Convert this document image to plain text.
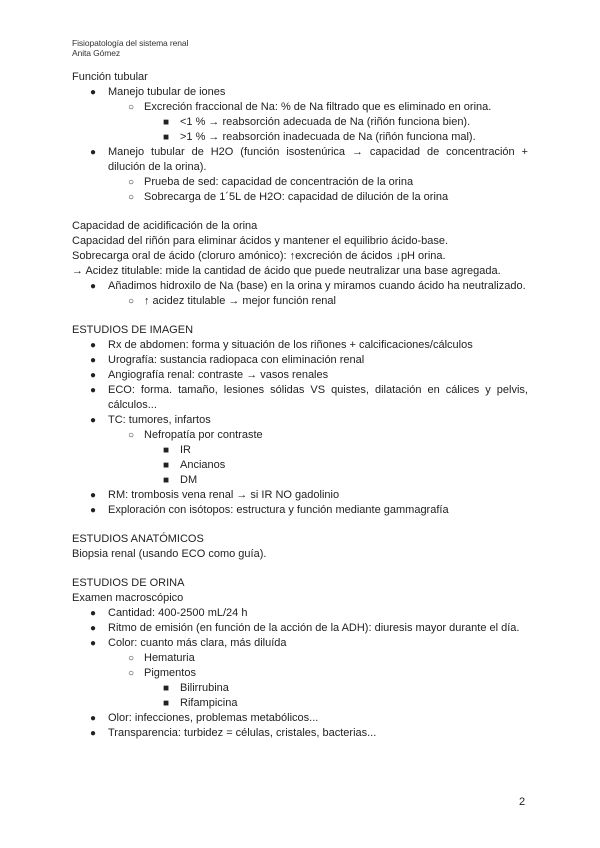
Fisiopatología del sistema renal
Anita Gómez

Función tubular

● Manejo tubular de iones
○ Excreción fraccional de Na: % de Na filtrado que es eliminado en orina.
■ <1 % → reabsorción adecuada de Na (riñón funciona bien).
■ >1 % → reabsorción inadecuada de Na (riñón funciona mal).
● Manejo tubular de H2O (función isostenúrica → capacidad de concentración + dilución de la orina).
○ Prueba de sed: capacidad de concentración de la orina
○ Sobrecarga de 1´5L de H2O: capacidad de dilución de la orina

Capacidad de acidificación de la orina

Capacidad del riñón para eliminar ácidos y mantener el equilibrio ácido-base.

Sobrecarga oral de ácido (cloruro amónico): ↑excreción de ácidos ↓pH orina.

→ Acidez titulable: mide la cantidad de ácido que puede neutralizar una base agregada.

● Añadimos hidroxilo de Na (base) en la orina y miramos cuando ácido ha neutralizado.
○ ↑ acidez titulable → mejor función renal

ESTUDIOS DE IMAGEN

● Rx de abdomen: forma y situación de los riñones + calcificaciones/cálculos
● Urografía: sustancia radiopaca con eliminación renal
● Angiografía renal: contraste → vasos renales
● ECO: forma. tamaño, lesiones sólidas VS quistes, dilatación en cálices y pelvis, cálculos...
● TC: tumores, infartos
○ Nefropatía por contraste
■ IR
■ Ancianos
■ DM
● RM: trombosis vena renal → si IR NO gadolinio
● Exploración con isótopos: estructura y función mediante gammagrafía

ESTUDIOS ANATÓMICOS

Biopsia renal (usando ECO como guía).

ESTUDIOS DE ORINA

Examen macroscópico

● Cantidad: 400-2500 mL/24 h
● Ritmo de emisión (en función de la acción de la ADH): diuresis mayor durante el día.
● Color: cuanto más clara, más diluída
○ Hematuria
○ Pigmentos
■ Bilirrubina
■ Rifampicina
● Olor: infecciones, problemas metabólicos...
● Transparencia: turbidez = células, cristales, bacterias...
2
